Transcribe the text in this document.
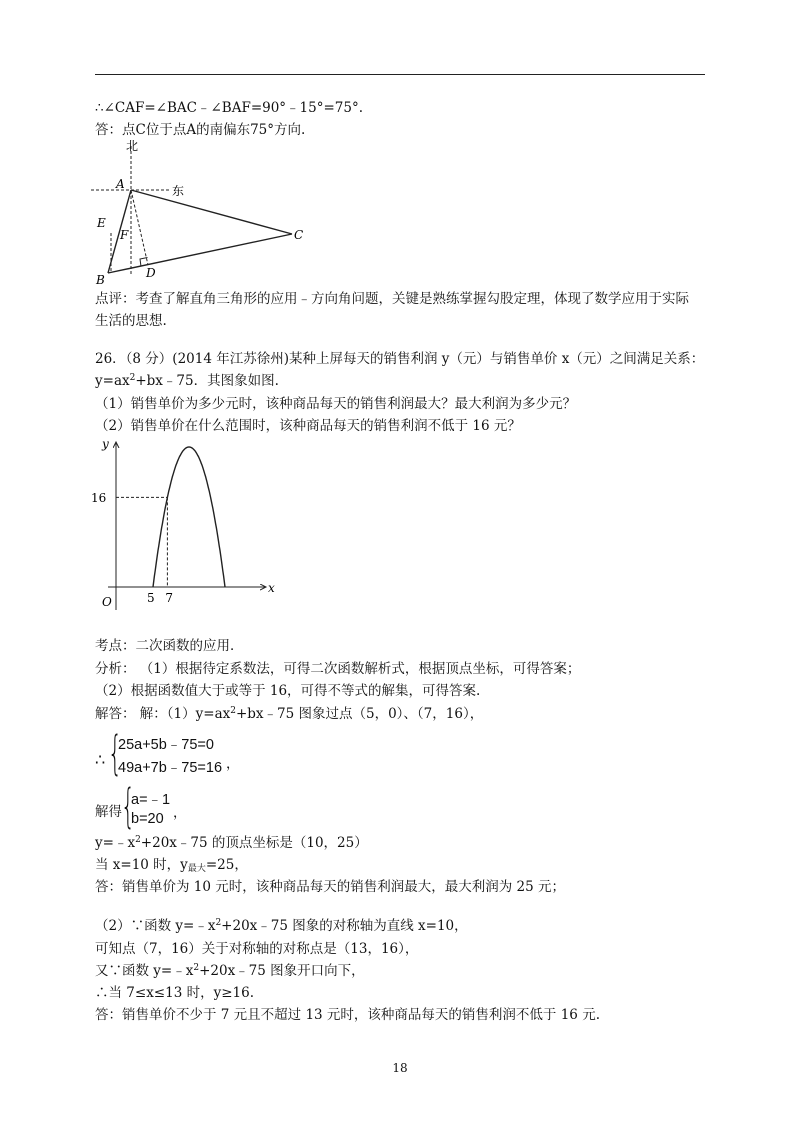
∴∠CAF=∠BAC﹣∠BAF=90°﹣15°=75°.
答：点C位于点A的南偏东75°方向.
北
东
A
B
C
D
E
F
点评：考查了解直角三角形的应用﹣方向角问题，关键是熟练掌握勾股定理，体现了数学应用于实际
生活的思想.
26．（8 分）(2014 年江苏徐州)某种上屏每天的销售利润 y（元）与销售单价 x（元）之间满足关系：
$y=ax^2+bx﹣75$．其图象如图.
（1）销售单价为多少元时，该种商品每天的销售利润最大？最大利润为多少元？
（2）销售单价在什么范围时，该种商品每天的销售利润不低于 16 元？
y
x
O
16
5 7
考点：二次函数的应用．
分析： （1）根据待定系数法，可得二次函数解析式，根据顶点坐标，可得答案；
（2）根据函数值大于或等于 16，可得不等式的解集，可得答案.
解答： 解：$(1)y=ax^2+bx﹣75$ 图象过点（5，0）、（7，16），
∴ {
25a+5b﹣75=0
49a+7b﹣75=16 ，
解得 {
a=﹣1
b=20 ，
$y=﹣x^2+20x﹣75$ 的顶点坐标是（10，25）
当 x=10 时，$y_{最大}=25$，
答：销售单价为 10 元时，该种商品每天的销售利润最大，最大利润为 25 元；
（2）∵函数 $y=﹣x^2+20x﹣75$ 图象的对称轴为直线 x=10，
可知点（7，16）关于对称轴的对称点是（13，16），
又∵函数 $y=﹣x^2+20x﹣75$ 图象开口向下，
∴当 7≤x≤13 时，y≥16.
答：销售单价不少于 7 元且不超过 13 元时，该种商品每天的销售利润不低于 16 元.
18
